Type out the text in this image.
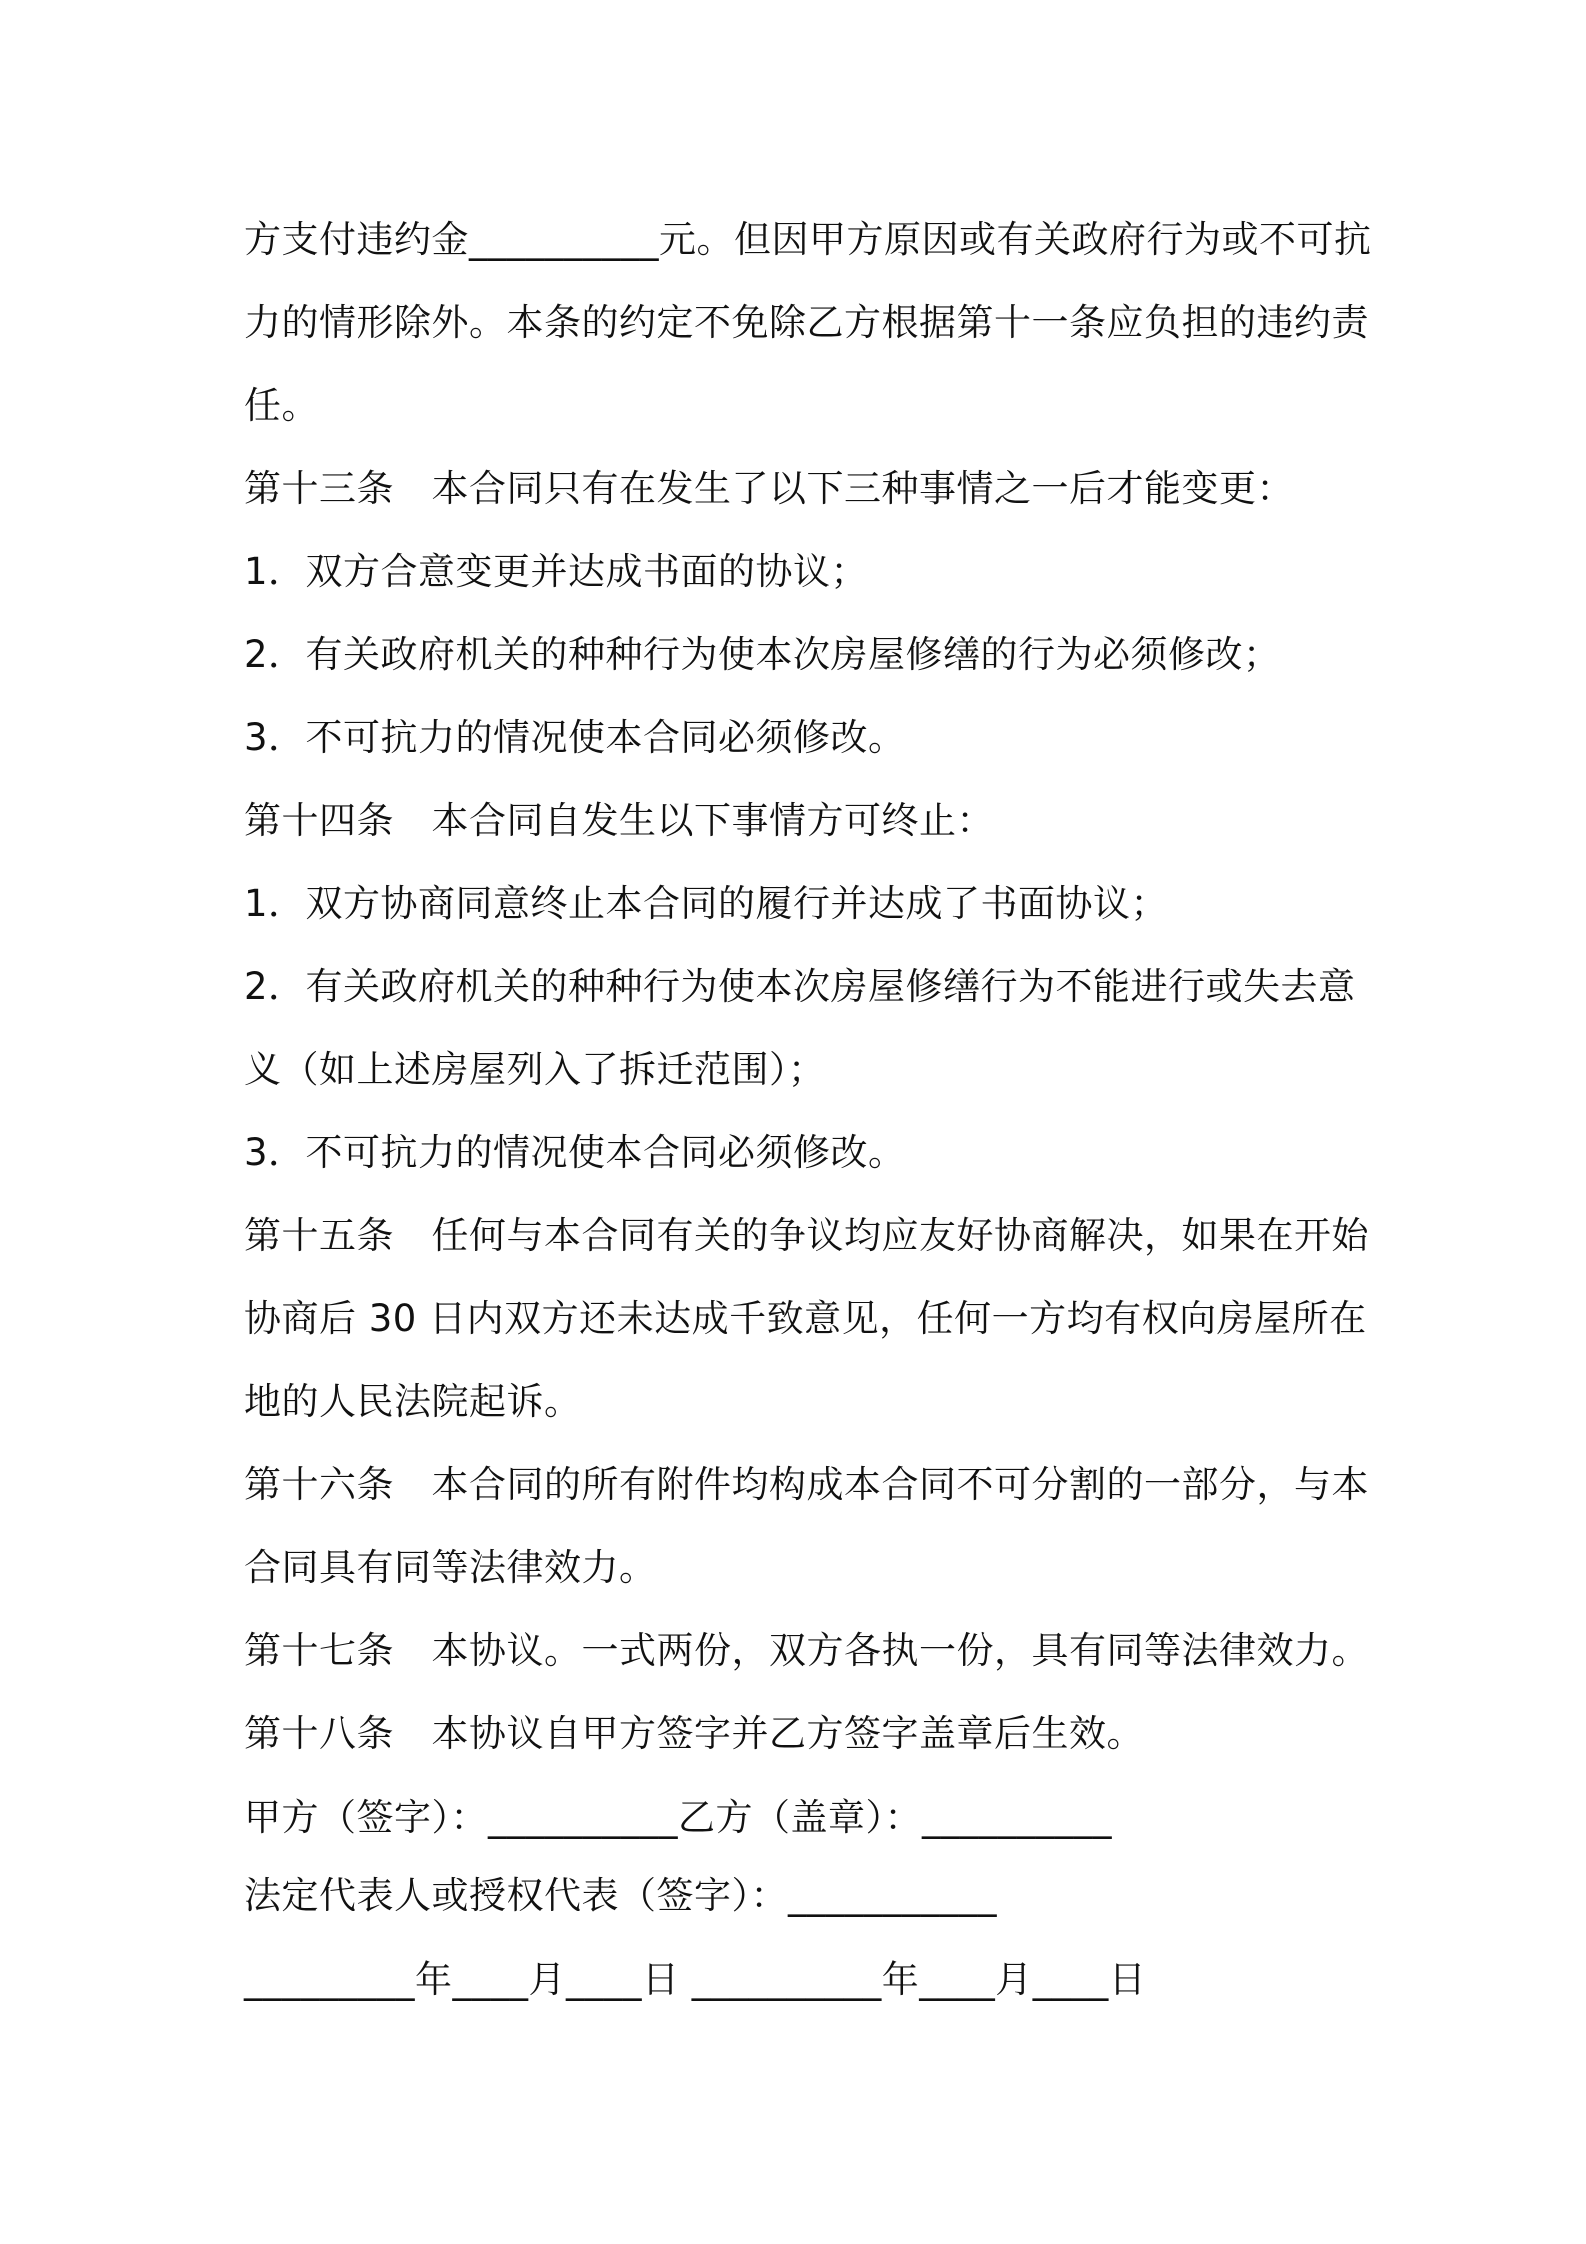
方支付违约金__________元。但因甲方原因或有关政府行为或不可抗
力的情形除外。本条的约定不免除乙方根据第十一条应负担的违约责
任。
第十三条　本合同只有在发生了以下三种事情之一后才能变更：
1．双方合意变更并达成书面的协议；
2．有关政府机关的种种行为使本次房屋修缮的行为必须修改；
3．不可抗力的情况使本合同必须修改。
第十四条　本合同自发生以下事情方可终止：
1．双方协商同意终止本合同的履行并达成了书面协议；
2．有关政府机关的种种行为使本次房屋修缮行为不能进行或失去意
义（如上述房屋列入了拆迁范围）；
3．不可抗力的情况使本合同必须修改。
第十五条　任何与本合同有关的争议均应友好协商解决，如果在开始
协商后 30 日内双方还未达成千致意见，任何一方均有权向房屋所在
地的人民法院起诉。
第十六条　本合同的所有附件均构成本合同不可分割的一部分，与本
合同具有同等法律效力。
第十七条　本协议。一式两份，双方各执一份，具有同等法律效力。
第十八条　本协议自甲方签字并乙方签字盖章后生效。
甲方（签字）：__________乙方（盖章）：__________
法定代表人或授权代表（签字）：___________
_________年____月____日 __________年____月____日
